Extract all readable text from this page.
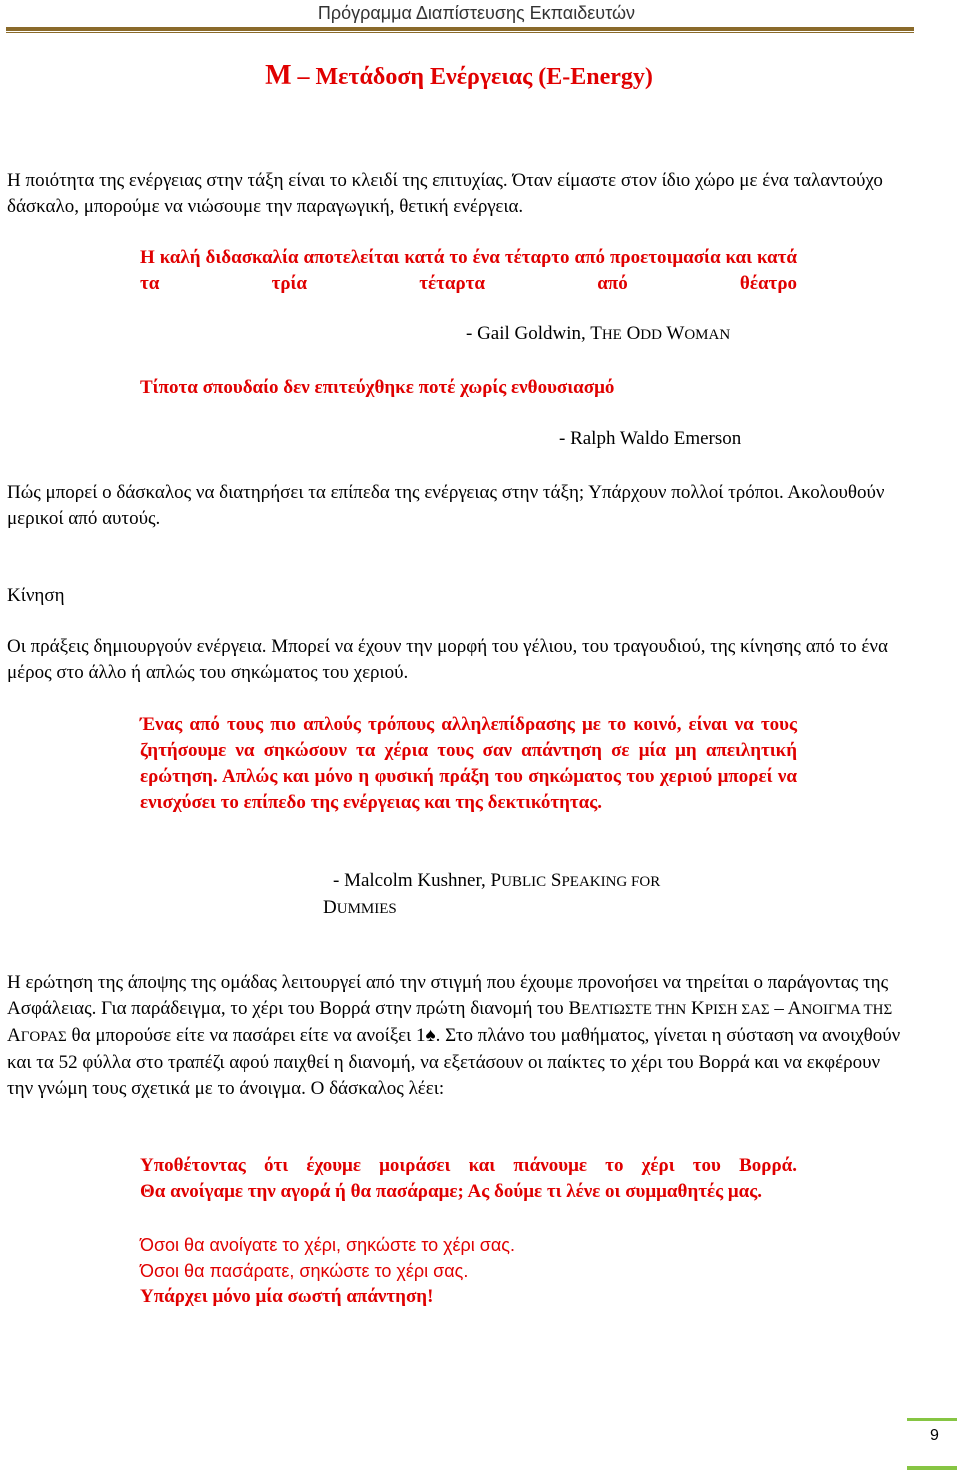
Πρόγραμμα Διαπίστευσης Εκπαιδευτών
Μ – Μετάδοση Ενέργειας (E-Energy)
Η ποιότητα της ενέργειας στην τάξη είναι το κλειδί της επιτυχίας. Όταν είμαστε στον ίδιο χώρο με ένα ταλαντούχο δάσκαλο, μπορούμε να νιώσουμε την παραγωγική, θετική ενέργεια.
Η καλή διδασκαλία αποτελείται κατά το ένα τέταρτο από προετοιμασία και κατά τα τρία τέταρτα από θέατρο
- Gail Goldwin, THE ODD WOMAN
Τίποτα σπουδαίο δεν επιτεύχθηκε ποτέ χωρίς ενθουσιασμό
- Ralph Waldo Emerson
Πώς μπορεί ο δάσκαλος να διατηρήσει τα επίπεδα της ενέργειας στην τάξη; Υπάρχουν πολλοί τρόποι. Ακολουθούν μερικοί από αυτούς.
Κίνηση
Οι πράξεις δημιουργούν ενέργεια. Μπορεί να έχουν την μορφή του γέλιου, του τραγουδιού, της κίνησης από το ένα μέρος στο άλλο ή απλώς του σηκώματος του χεριού.
Ένας από τους πιο απλούς τρόπους αλληλεπίδρασης με το κοινό, είναι να τους ζητήσουμε να σηκώσουν τα χέρια τους σαν απάντηση σε μία μη απειλητική ερώτηση. Απλώς και μόνο η φυσική πράξη του σηκώματος του χεριού μπορεί να ενισχύσει το επίπεδο της ενέργειας και της δεκτικότητας.
- Malcolm Kushner, PUBLIC SPEAKING FOR
DUMMIES
Η ερώτηση της άποψης της ομάδας λειτουργεί από την στιγμή που έχουμε προνοήσει να τηρείται ο παράγοντας της Ασφάλειας. Για παράδειγμα, το χέρι του Βορρά στην πρώτη διανομή του ΒΕΛΤΙΩΣΤΕ ΤΗΝ ΚΡΙΣΗ ΣΑΣ – ΑΝΟΙΓΜΑ ΤΗΣ ΑΓΟΡΑΣ θα μπορούσε είτε να πασάρει είτε να ανοίξει 1♠. Στο πλάνο του μαθήματος, γίνεται η σύσταση να ανοιχθούν και τα 52 φύλλα στο τραπέζι αφού παιχθεί η διανομή, να εξετάσουν οι παίκτες το χέρι του Βορρά και να εκφέρουν την γνώμη τους σχετικά με το άνοιγμα. Ο δάσκαλος λέει:
Υποθέτοντας ότι έχουμε μοιράσει και πιάνουμε το χέρι του Βορρά.
Θα ανοίγαμε την αγορά ή θα πασάραμε; Ας δούμε τι λένε οι συμμαθητές μας.
Όσοι θα ανοίγατε το χέρι, σηκώστε το χέρι σας.
Όσοι θα πασάρατε, σηκώστε το χέρι σας.
Υπάρχει μόνο μία σωστή απάντηση!
9
